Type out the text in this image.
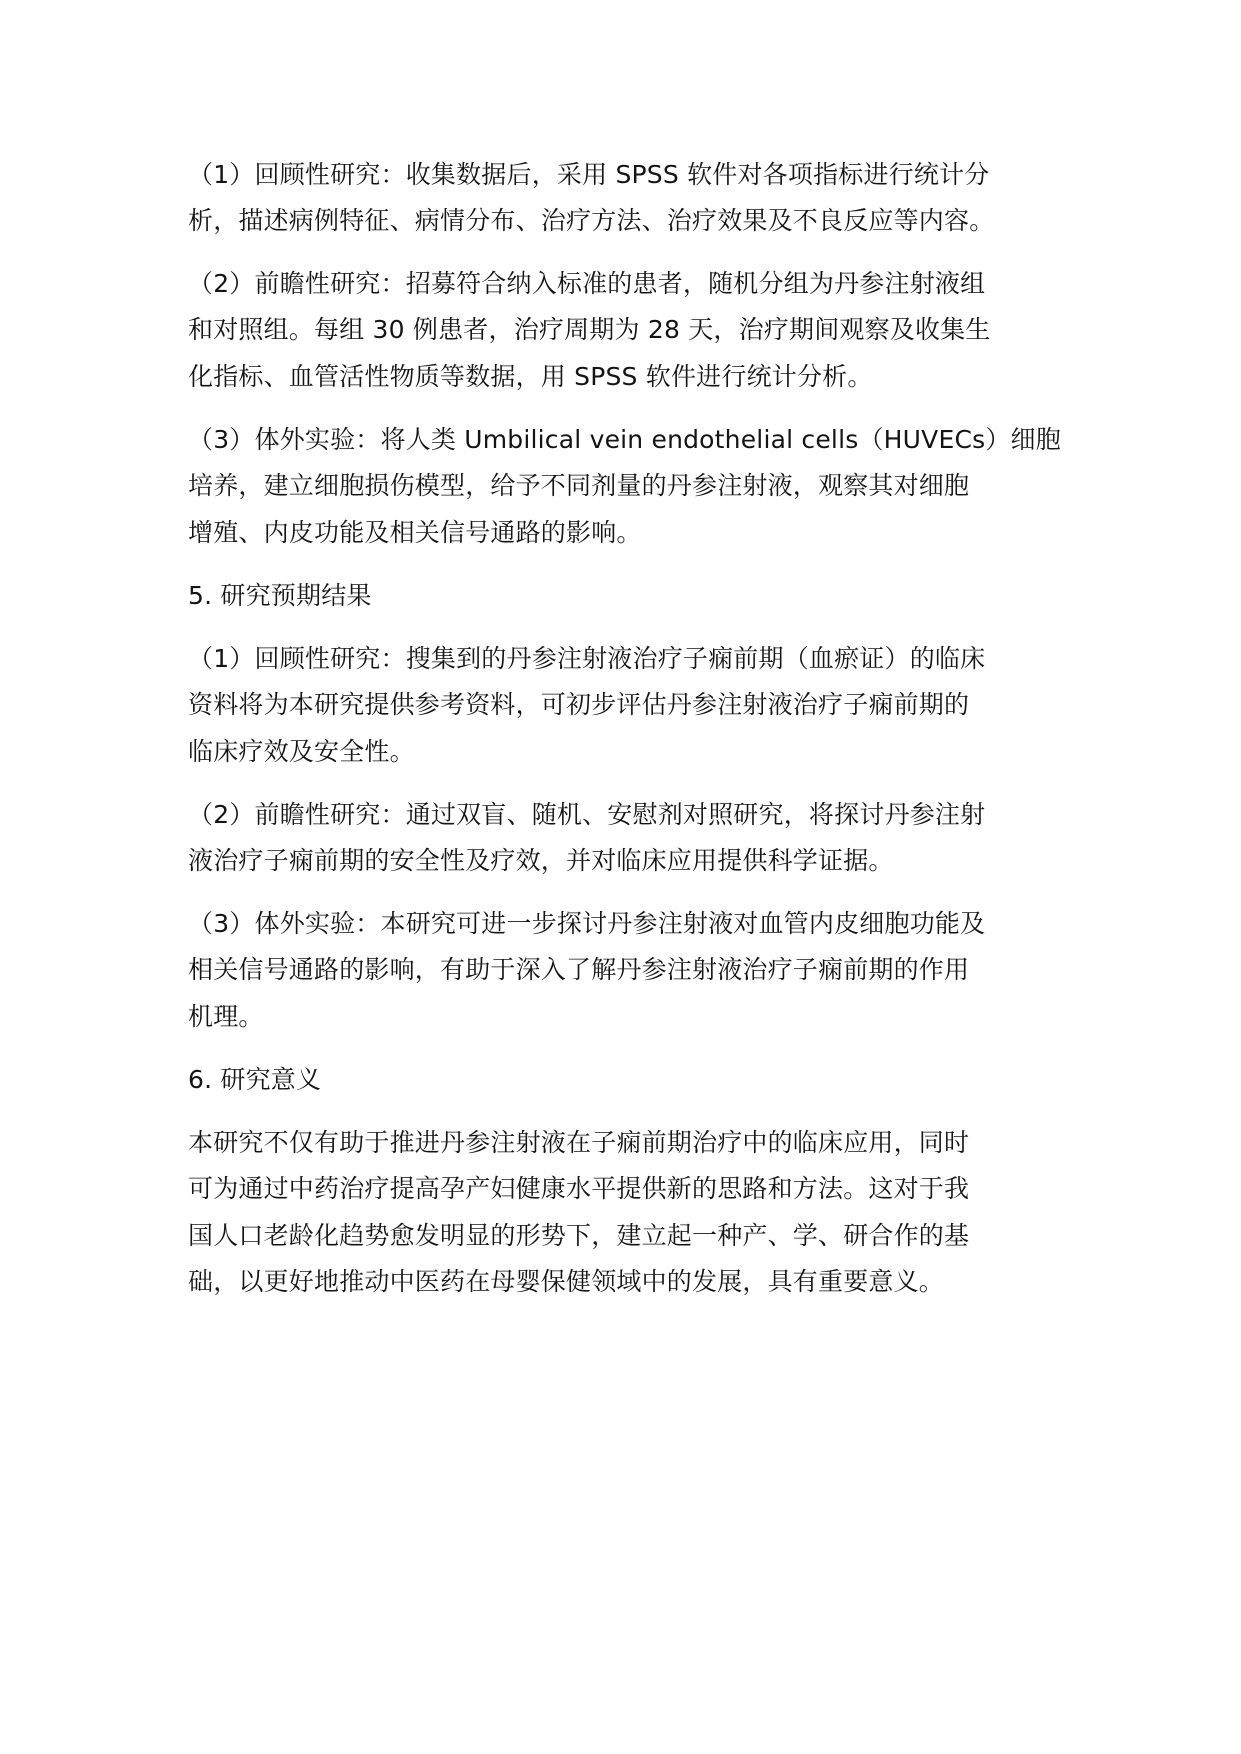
（1）回顾性研究：收集数据后，采用 SPSS 软件对各项指标进行统计分

析，描述病例特征、病情分布、治疗方法、治疗效果及不良反应等内容。

（2）前瞻性研究：招募符合纳入标准的患者，随机分组为丹参注射液组

和对照组。每组 30 例患者，治疗周期为 28 天，治疗期间观察及收集生

化指标、血管活性物质等数据，用 SPSS 软件进行统计分析。

（3）体外实验：将人类 Umbilical vein endothelial cells（HUVECs）细胞

培养，建立细胞损伤模型，给予不同剂量的丹参注射液，观察其对细胞

增殖、内皮功能及相关信号通路的影响。

5. 研究预期结果

（1）回顾性研究：搜集到的丹参注射液治疗子痫前期（血瘀证）的临床

资料将为本研究提供参考资料，可初步评估丹参注射液治疗子痫前期的

临床疗效及安全性。

（2）前瞻性研究：通过双盲、随机、安慰剂对照研究，将探讨丹参注射

液治疗子痫前期的安全性及疗效，并对临床应用提供科学证据。

（3）体外实验：本研究可进一步探讨丹参注射液对血管内皮细胞功能及

相关信号通路的影响，有助于深入了解丹参注射液治疗子痫前期的作用

机理。

6. 研究意义

本研究不仅有助于推进丹参注射液在子痫前期治疗中的临床应用，同时

可为通过中药治疗提高孕产妇健康水平提供新的思路和方法。这对于我

国人口老龄化趋势愈发明显的形势下，建立起一种产、学、研合作的基

础，以更好地推动中医药在母婴保健领域中的发展，具有重要意义。
